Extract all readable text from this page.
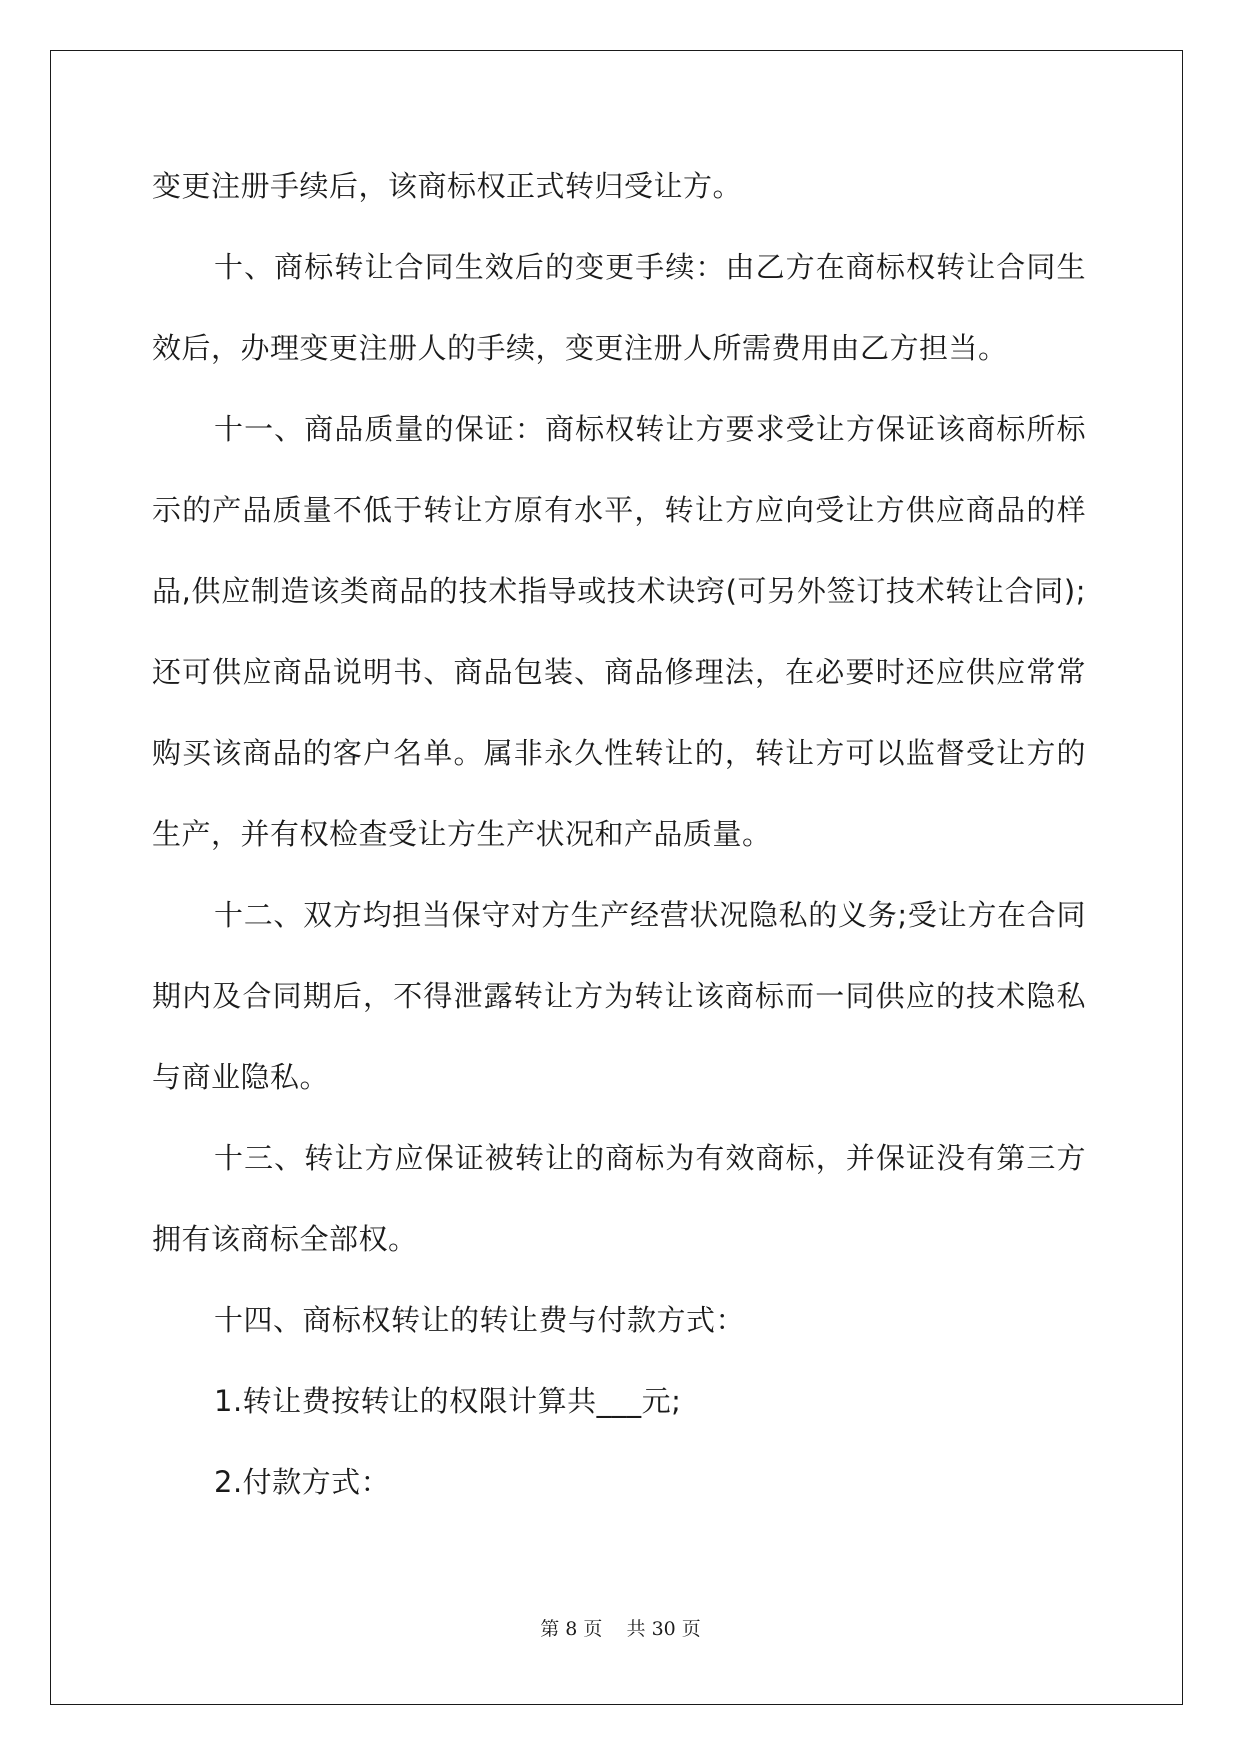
变更注册手续后，该商标权正式转归受让方。

十、商标转让合同生效后的变更手续：由乙方在商标权转让合同生效后，办理变更注册人的手续，变更注册人所需费用由乙方担当。

十一、商品质量的保证：商标权转让方要求受让方保证该商标所标示的产品质量不低于转让方原有水平，转让方应向受让方供应商品的样品,供应制造该类商品的技术指导或技术诀窍(可另外签订技术转让合同);还可供应商品说明书、商品包装、商品修理法，在必要时还应供应常常购买该商品的客户名单。属非永久性转让的，转让方可以监督受让方的生产，并有权检查受让方生产状况和产品质量。

十二、双方均担当保守对方生产经营状况隐私的义务;受让方在合同期内及合同期后，不得泄露转让方为转让该商标而一同供应的技术隐私与商业隐私。

十三、转让方应保证被转让的商标为有效商标，并保证没有第三方拥有该商标全部权。

十四、商标权转让的转让费与付款方式：

1.转让费按转让的权限计算共___元;

2.付款方式：

第 8 页    共 30 页
